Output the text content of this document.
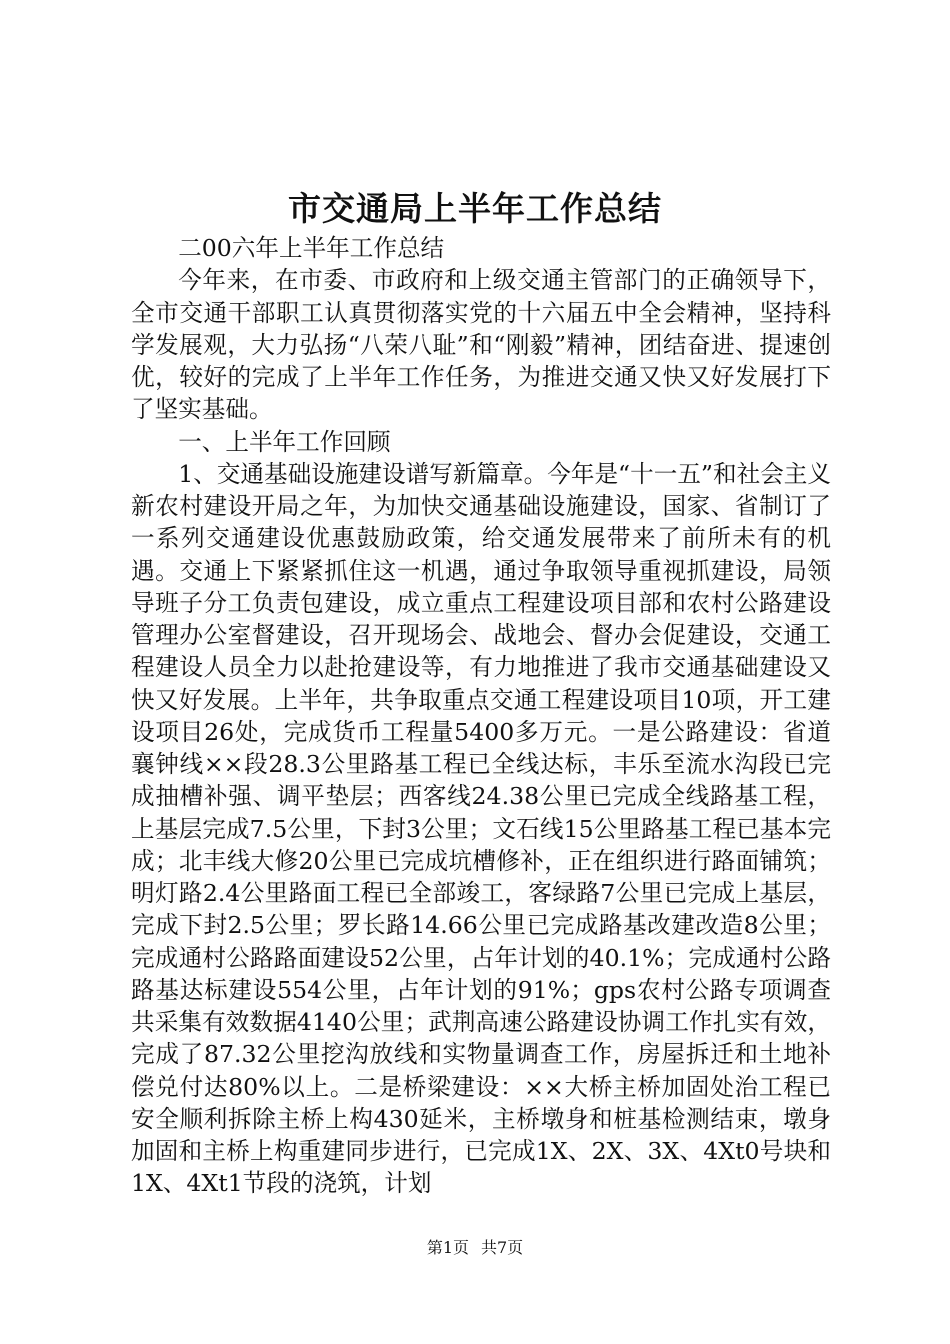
市交通局上半年工作总结

二00六年上半年工作总结

今年来，在市委、市政府和上级交通主管部门的正确领导下，全市交通干部职工认真贯彻落实党的十六届五中全会精神，坚持科学发展观，大力弘扬“八荣八耻”和“刚毅”精神，团结奋进、提速创优，较好的完成了上半年工作任务，为推进交通又快又好发展打下了坚实基础。

一、上半年工作回顾

1、交通基础设施建设谱写新篇章。今年是“十一五”和社会主义新农村建设开局之年，为加快交通基础设施建设，国家、省制订了一系列交通建设优惠鼓励政策，给交通发展带来了前所未有的机遇。交通上下紧紧抓住这一机遇，通过争取领导重视抓建设，局领导班子分工负责包建设，成立重点工程建设项目部和农村公路建设管理办公室督建设，召开现场会、战地会、督办会促建设，交通工程建设人员全力以赴抢建设等，有力地推进了我市交通基础建设又快又好发展。上半年，共争取重点交通工程建设项目10项，开工建设项目26处，完成货币工程量5400多万元。一是公路建设：省道襄钟线××段28.3公里路基工程已全线达标，丰乐至流水沟段已完成抽槽补强、调平垫层；西客线24.38公里已完成全线路基工程，上基层完成7.5公里，下封3公里；文石线15公里路基工程已基本完成；北丰线大修20公里已完成坑槽修补，正在组织进行路面铺筑；明灯路2.4公里路面工程已全部竣工，客绿路7公里已完成上基层，完成下封2.5公里；罗长路14.66公里已完成路基改建改造8公里；完成通村公路路面建设52公里，占年计划的40.1%；完成通村公路路基达标建设554公里，占年计划的91%；gps农村公路专项调查共采集有效数据4140公里；武荆高速公路建设协调工作扎实有效，完成了87.32公里挖沟放线和实物量调查工作，房屋拆迁和土地补偿兑付达80%以上。二是桥梁建设：××大桥主桥加固处治工程已安全顺利拆除主桥上构430延米，主桥墩身和桩基检测结束，墩身加固和主桥上构重建同步进行，已完成1X、2X、3X、4Xt0号块和1X、4Xt1节段的浇筑，计划

第1页 共7页
